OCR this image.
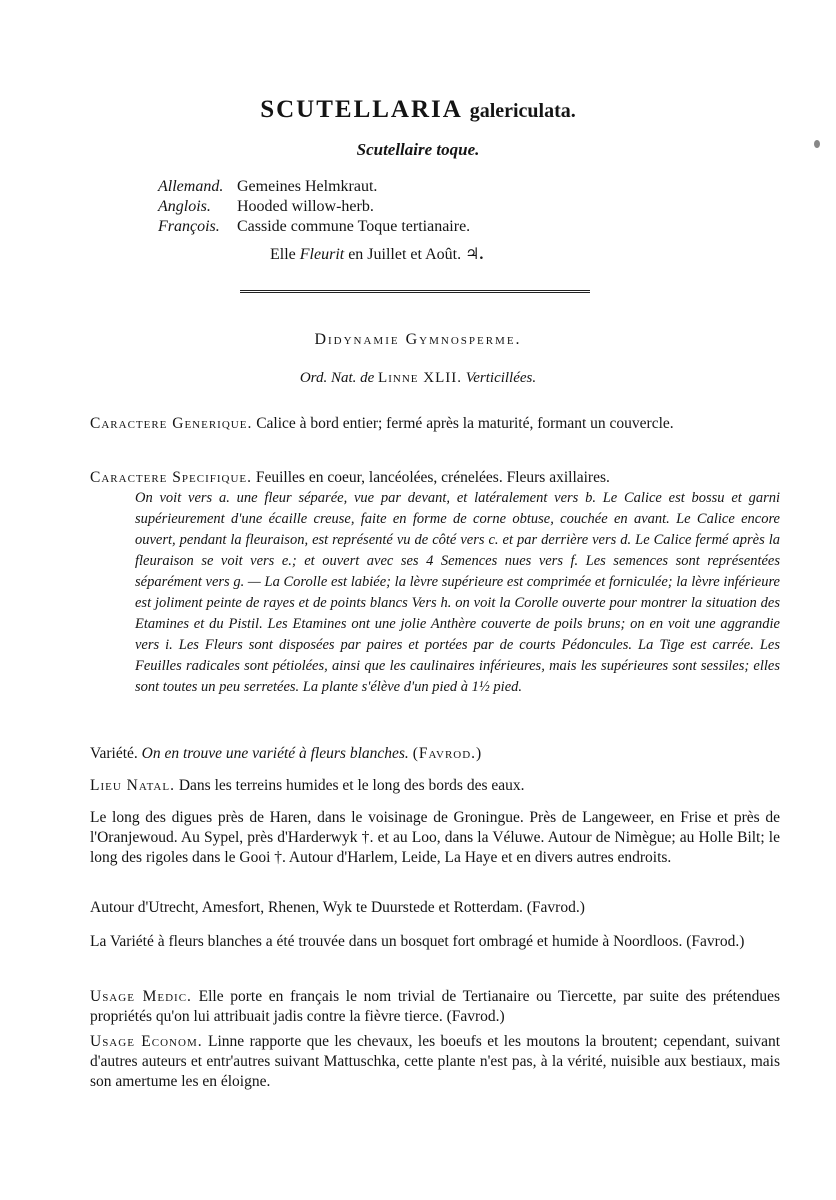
SCUTELLARIA galericulata.
Scutellaire toque.
Allemand. Gemeines Helmkraut.
Anglois. Hooded willow-herb.
François. Casside commune Toque tertianaire.
Elle Fleurit en Juillet et Août. ♃.
Didynamie Gymnosperme.
Ord. Nat. de Linne XLII. Verticillées.
Caractere Generique. Calice à bord entier; fermé après la maturité, formant un couvercle.
Caractere Specifique. Feuilles en coeur, lancéolées, crénelées. Fleurs axillaires.
On voit vers a. une fleur séparée, vue par devant, et latéralement vers b. Le Calice est bossu et garni supérieurement d'une écaille creuse, faite en forme de corne obtuse, couchée en avant. Le Calice encore ouvert, pendant la fleuraison, est représenté vu de côté vers c. et par derrière vers d. Le Calice fermé après la fleuraison se voit vers e.; et ouvert avec ses 4 Semences nues vers f. Les semences sont représentées séparément vers g. — La Corolle est labiée; la lèvre supérieure est comprimée et forniculée; la lèvre inférieure est joliment peinte de rayes et de points blancs Vers h. on voit la Corolle ouverte pour montrer la situation des Etamines et du Pistil. Les Etamines ont une jolie Anthère couverte de poils bruns; on en voit une aggrandie vers i. Les Fleurs sont disposées par paires et portées par de courts Pédoncules. La Tige est carrée. Les Feuilles radicales sont pétiolées, ainsi que les caulinaires inférieures, mais les supérieures sont sessiles; elles sont toutes un peu serretées. La plante s'élève d'un pied à 1½ pied.
Variété. On en trouve une variété à fleurs blanches. (Favrod.)
Lieu Natal. Dans les terreins humides et le long des bords des eaux.
Le long des digues près de Haren, dans le voisinage de Groningue. Près de Langeweer, en Frise et près de l'Oranjewoud. Au Sypel, près d'Harderwyk †. et au Loo, dans la Véluwe. Autour de Nimègue; au Holle Bilt; le long des rigoles dans le Gooi †. Autour d'Harlem, Leide, La Haye et en divers autres endroits.
Autour d'Utrecht, Amesfort, Rhenen, Wyk te Duurstede et Rotterdam. (Favrod.)
La Variété à fleurs blanches a été trouvée dans un bosquet fort ombragé et humide à Noordloos. (Favrod.)
Usage Medic. Elle porte en français le nom trivial de Tertianaire ou Tiercette, par suite des prétendues propriétés qu'on lui attribuait jadis contre la fièvre tierce. (Favrod.)
Usage Econom. Linne rapporte que les chevaux, les boeufs et les moutons la broutent; cependant, suivant d'autres auteurs et entr'autres suivant Mattuschka, cette plante n'est pas, à la vérité, nuisible aux bestiaux, mais son amertume les en éloigne.
